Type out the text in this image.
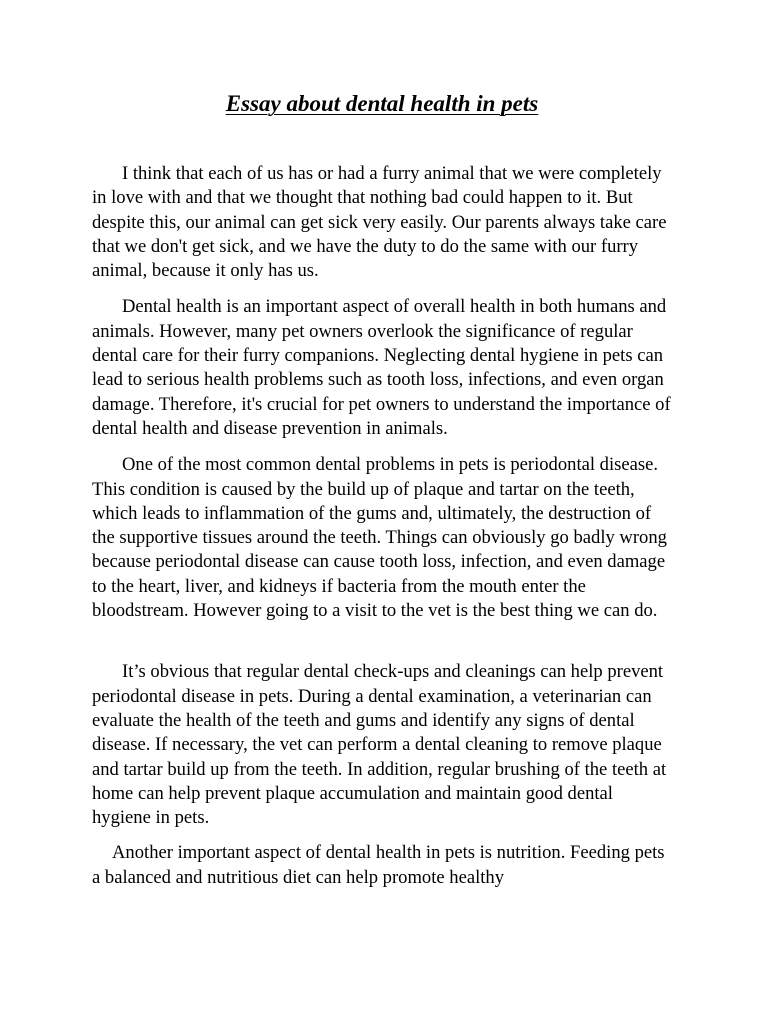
Essay about dental health in pets

I think that each of us has or had a furry animal that we were completely in love with and that we thought that nothing bad could happen to it. But despite this, our animal can get sick very easily. Our parents always take care that we don't get sick, and we have the duty to do the same with our furry animal, because it only has us.

Dental health is an important aspect of overall health in both humans and animals. However, many pet owners overlook the significance of regular dental care for their furry companions. Neglecting dental hygiene in pets can lead to serious health problems such as tooth loss, infections, and even organ damage. Therefore, it's crucial for pet owners to understand the importance of dental health and disease prevention in animals.

One of the most common dental problems in pets is periodontal disease. This condition is caused by the build up of plaque and tartar on the teeth, which leads to inflammation of the gums and, ultimately, the destruction of the supportive tissues around the teeth. Things can obviously go badly wrong because periodontal disease can cause tooth loss, infection, and even damage to the heart, liver, and kidneys if bacteria from the mouth enter the bloodstream. However going to a visit to the vet is the best thing we can do.

It’s obvious that regular dental check-ups and cleanings can help prevent periodontal disease in pets. During a dental examination, a veterinarian can evaluate the health of the teeth and gums and identify any signs of dental disease. If necessary, the vet can perform a dental cleaning to remove plaque and tartar build up from the teeth. In addition, regular brushing of the teeth at home can help prevent plaque accumulation and maintain good dental hygiene in pets.

Another important aspect of dental health in pets is nutrition. Feeding pets a balanced and nutritious diet can help promote healthy
